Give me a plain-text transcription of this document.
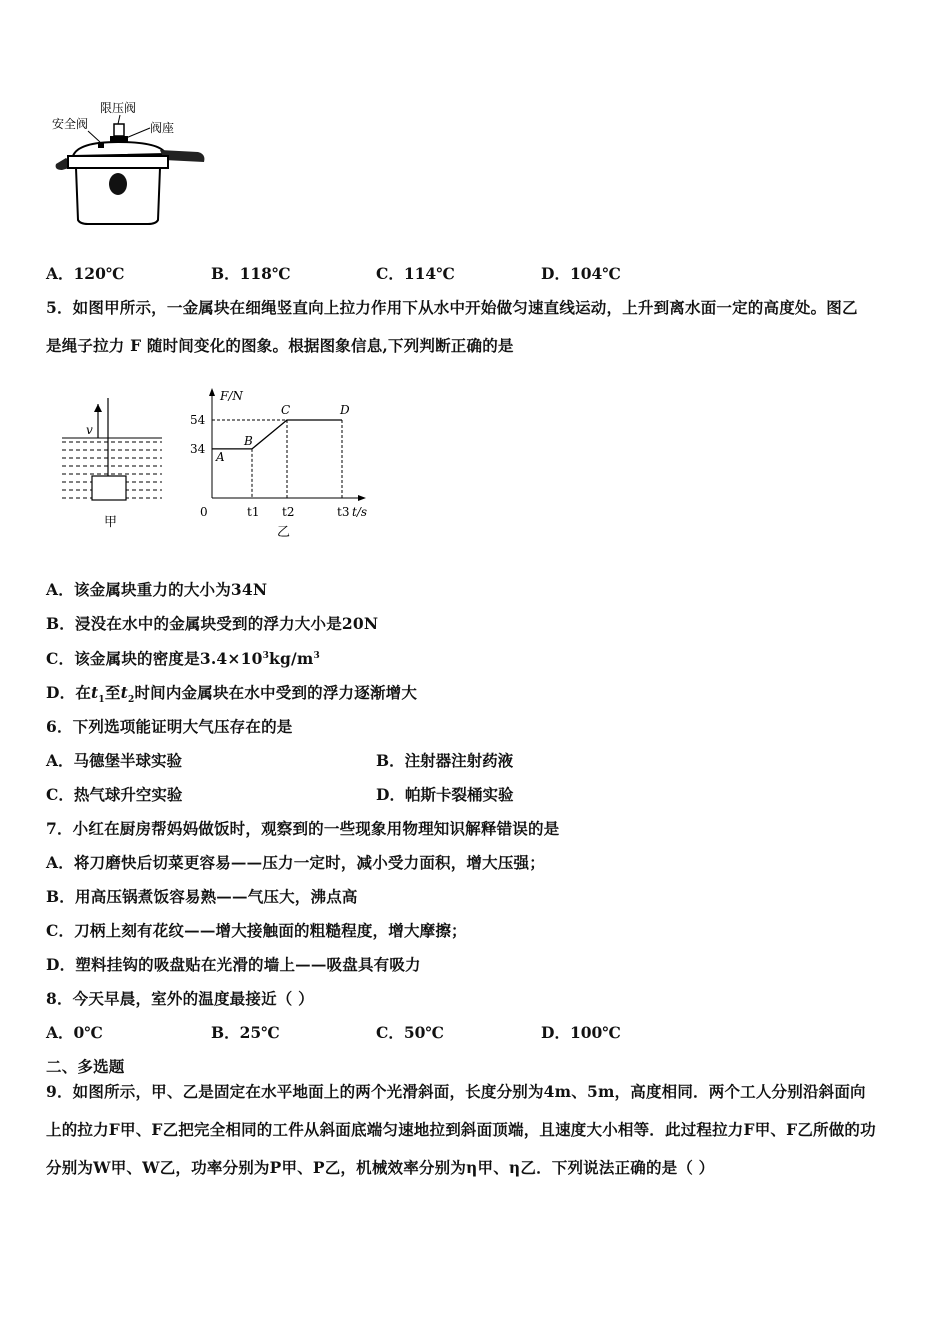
安全阀
限压阀
阀座
A．120℃	B．118℃	C．114℃	D．104℃
5．如图甲所示，一金属块在细绳竖直向上拉力作用下从水中开始做匀速直线运动，上升到离水面一定的高度处。图乙
是绳子拉力 F 随时间变化的图象。根据图象信息,下列判断正确的是
v
甲
F/N
t/s
0
54
34
t1 t2	t3
A
B
C	D
乙
A．该金属块重力的大小为34N
B．浸没在水中的金属块受到的浮力大小是20N
C．该金属块的密度是$3.4\times 10^3kg/m^3$
D．在$t_1$至$t_2$时间内金属块在水中受到的浮力逐渐增大
6．下列选项能证明大气压存在的是
A．马德堡半球实验	B．注射器注射药液
C．热气球升空实验	D．帕斯卡裂桶实验
7．小红在厨房帮妈妈做饭时，观察到的一些现象用物理知识解释错误的是
A．将刀磨快后切菜更容易——压力一定时，减小受力面积，增大压强；
B．用高压锅煮饭容易熟——气压大，沸点高
C．刀柄上刻有花纹——增大接触面的粗糙程度，增大摩擦；
D．塑料挂钩的吸盘贴在光滑的墙上——吸盘具有吸力
8．今天早晨，室外的温度最接近（ ）
A．0℃	B．25℃	C．50℃	D．100℃
二、多选题
9．如图所示，甲、乙是固定在水平地面上的两个光滑斜面，长度分别为4m、5m，高度相同．两个工人分别沿斜面向
上的拉力F甲、F乙把完全相同的工件从斜面底端匀速地拉到斜面顶端，且速度大小相等．此过程拉力F甲、F乙所做的功
分别为W甲、W乙，功率分别为P甲、P乙，机械效率分别为η甲、η乙．下列说法正确的是（ ）
